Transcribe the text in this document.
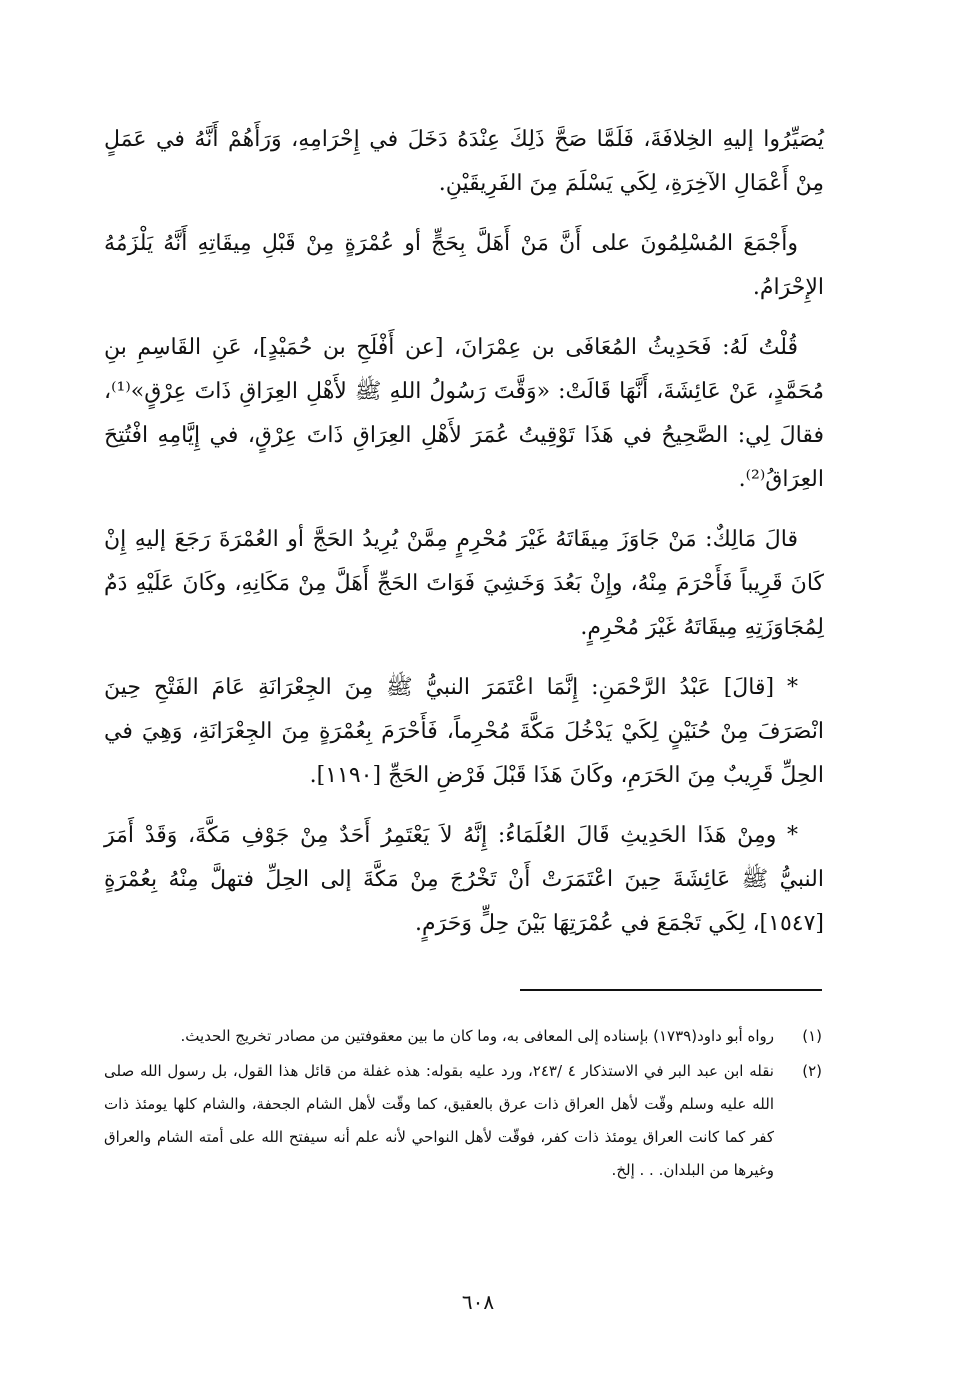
يُصَيِّرُوا إليهِ الخِلافَةَ، فَلَمَّا صَحَّ ذَلِكَ عِنْدَهُ دَخَلَ في إِحْرَامِهِ، وَرَأَهُمْ أَنَّهُ في عَمَلٍ مِنْ أَعْمَالِ الآخِرَةِ، لِكَي يَسْلَمَ مِنَ الفَرِيقَيْنِ.

وأَجْمَعَ المُسْلِمُونَ على أَنَّ مَنْ أَهَلَّ بِحَجٍّ أو عُمْرَةٍ مِنْ قَبْلِ مِيقَاتِهِ أَنَّهُ يَلْزَمُهُ الإِحْرَامُ.

قُلْتُ لَهُ: فَحَدِيثُ المُعَافَى بن عِمْرَانَ، [عن أَفْلَحِ بن حُمَيْدٍ]، عَنِ القَاسِمِ بنِ مُحَمَّدٍ، عَنْ عَائِشَةَ، أَنَّهَا قَالَتْ: «وَقَّتَ رَسُولُ اللهِ ﷺ لأَهْلِ العِرَاقِ ذَاتَ عِرْقٍ»⁽¹⁾، فقالَ لِي: الصَّحِيحُ في هَذَا تَوْقِيتُ عُمَرَ لأَهْلِ العِرَاقِ ذَاتَ عِرْقٍ، في إِيَّامِهِ افْتُتِحَ العِرَاقُ⁽²⁾.

قالَ مَالِكٌ: مَنْ جَاوَزَ مِيقَاتَهُ غَيْرَ مُحْرِمٍ مِمَّنْ يُرِيدُ الحَجَّ أو العُمْرَةَ رَجَعَ إليهِ إِنْ كَانَ قَرِيباً فَأَحْرَمَ مِنْهُ، وإِنْ بَعُدَ وَخَشِيَ فَوَاتَ الحَجِّ أَهَلَّ مِنْ مَكَانِهِ، وكَانَ عَلَيْهِ دَمٌ لِمُجَاوَزَتِهِ مِيقَاتَهُ غَيْرَ مُحْرِمٍ.

* [قالَ] عَبْدُ الرَّحْمَنِ: إِنَّمَا اعْتَمَرَ النبيُّ ﷺ مِنَ الجِعْرَانَةِ عَامَ الفَتْحِ حِينَ انْصَرَفَ مِنْ حُنَيْنٍ لِكَيْ يَدْخُلَ مَكَّةَ مُحْرِماً، فَأَحْرَمَ بِعُمْرَةٍ مِنَ الجِعْرَانَةِ، وَهِيَ في الحِلِّ قَرِيبٌ مِنَ الحَرَمِ، وكَانَ هَذَا قَبْلَ فَرْضِ الحَجِّ [١١٩٠].

* ومِنْ هَذَا الحَدِيثِ قَالَ العُلَمَاءُ: إِنَّهُ لاَ يَعْتَمِرُ أَحَدٌ مِنْ جَوْفِ مَكَّةَ، وَقَدْ أَمَرَ النبيُّ ﷺ عَائِشَةَ حِينَ اعْتَمَرَتْ أَنْ تَخْرُجَ مِنْ مَكَّةَ إلى الحِلِّ فتهلَّ مِنْهُ بِعُمْرَةٍ [١٥٤٧]، لِكَي تَجْمَعَ في عُمْرَتِهَا بَيْنَ حِلٍّ وَحَرَمٍ.

(١)
رواه أبو داود(١٧٣٩) بإسناده إلى المعافى به، وما كان ما بين معقوفتين من مصادر تخريج الحديث.
(٢)
نقله ابن عبد البر في الاستذكار ٤ /٢٤٣، ورد عليه بقوله: هذه غفلة من قائل هذا القول، بل رسول الله صلى الله عليه وسلم وقّت لأهل العراق ذات عرق بالعقيق، كما وقّت لأهل الشام الجحفة، والشام كلها يومئذ ذات كفر كما كانت العراق يومئذ ذات كفر، فوقّت لأهل النواحي لأنه علم أنه سيفتح الله على أمته الشام والعراق وغيرها من البلدان. . . إلخ.
٦٠٨
